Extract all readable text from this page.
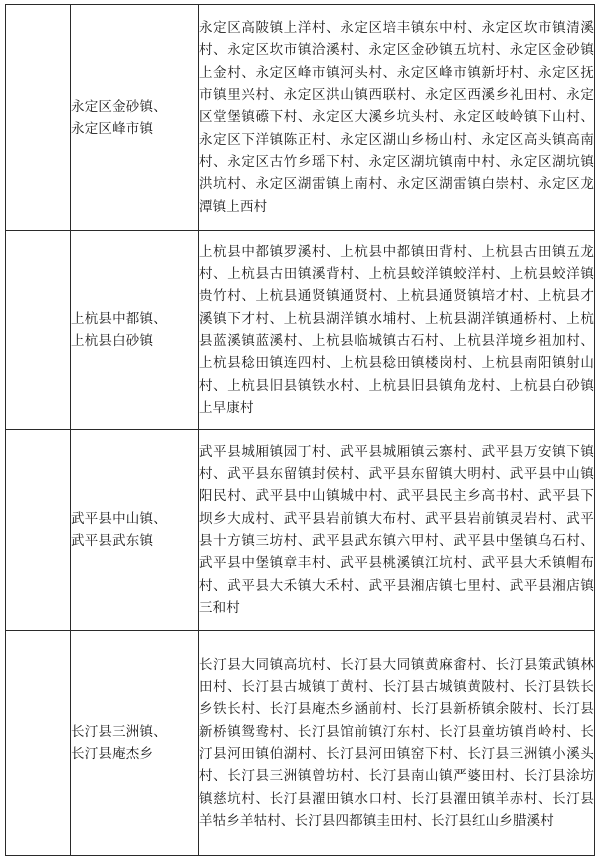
	永定区金砂镇、
永定区峰市镇	永定区高陂镇上洋村、永定区培丰镇东中村、永定区坎市镇清溪村、永定区坎市镇洽溪村、永定区金砂镇五坑村、永定区金砂镇上金村、永定区峰市镇河头村、永定区峰市镇新圩村、永定区抚市镇里兴村、永定区洪山镇西联村、永定区西溪乡礼田村、永定区堂堡镇礤下村、永定区大溪乡坑头村、永定区岐岭镇下山村、永定区下洋镇陈正村、永定区湖山乡杨山村、永定区高头镇高南村、永定区古竹乡瑶下村、永定区湖坑镇南中村、永定区湖坑镇洪坑村、永定区湖雷镇上南村、永定区湖雷镇白崇村、永定区龙潭镇上西村

	上杭县中都镇、
上杭县白砂镇	上杭县中都镇罗溪村、上杭县中都镇田背村、上杭县古田镇五龙村、上杭县古田镇溪背村、上杭县蛟洋镇蛟洋村、上杭县蛟洋镇贵竹村、上杭县通贤镇通贤村、上杭县通贤镇培才村、上杭县才溪镇下才村、上杭县湖洋镇水埔村、上杭县湖洋镇通桥村、上杭县蓝溪镇蓝溪村、上杭县临城镇古石村、上杭县洋境乡祖加村、上杭县稔田镇连四村、上杭县稔田镇楼岗村、上杭县南阳镇射山村、上杭县旧县镇铁水村、上杭县旧县镇角龙村、上杭县白砂镇上早康村

	武平县中山镇、
武平县武东镇	武平县城厢镇园丁村、武平县城厢镇云寨村、武平县万安镇下镇村、武平县东留镇封侯村、武平县东留镇大明村、武平县中山镇阳民村、武平县中山镇城中村、武平县民主乡高书村、武平县下坝乡大成村、武平县岩前镇大布村、武平县岩前镇灵岩村、武平县十方镇三坊村、武平县武东镇六甲村、武平县中堡镇乌石村、武平县中堡镇章丰村、武平县桃溪镇江坑村、武平县大禾镇帽布村、武平县大禾镇大禾村、武平县湘店镇七里村、武平县湘店镇三和村

	长汀县三洲镇、
长汀县庵杰乡	长汀县大同镇高坑村、长汀县大同镇黄麻畬村、长汀县策武镇林田村、长汀县古城镇丁黄村、长汀县古城镇黄陂村、长汀县铁长乡铁长村、长汀县庵杰乡涵前村、长汀县新桥镇余陂村、长汀县新桥镇鸳鸯村、长汀县馆前镇汀东村、长汀县童坊镇肖岭村、长汀县河田镇伯湖村、长汀县河田镇窑下村、长汀县三洲镇小溪头村、长汀县三洲镇曾坊村、长汀县南山镇严婆田村、长汀县涂坊镇慈坑村、长汀县濯田镇水口村、长汀县濯田镇羊赤村、长汀县羊牯乡羊牯村、长汀县四都镇圭田村、长汀县红山乡腊溪村
